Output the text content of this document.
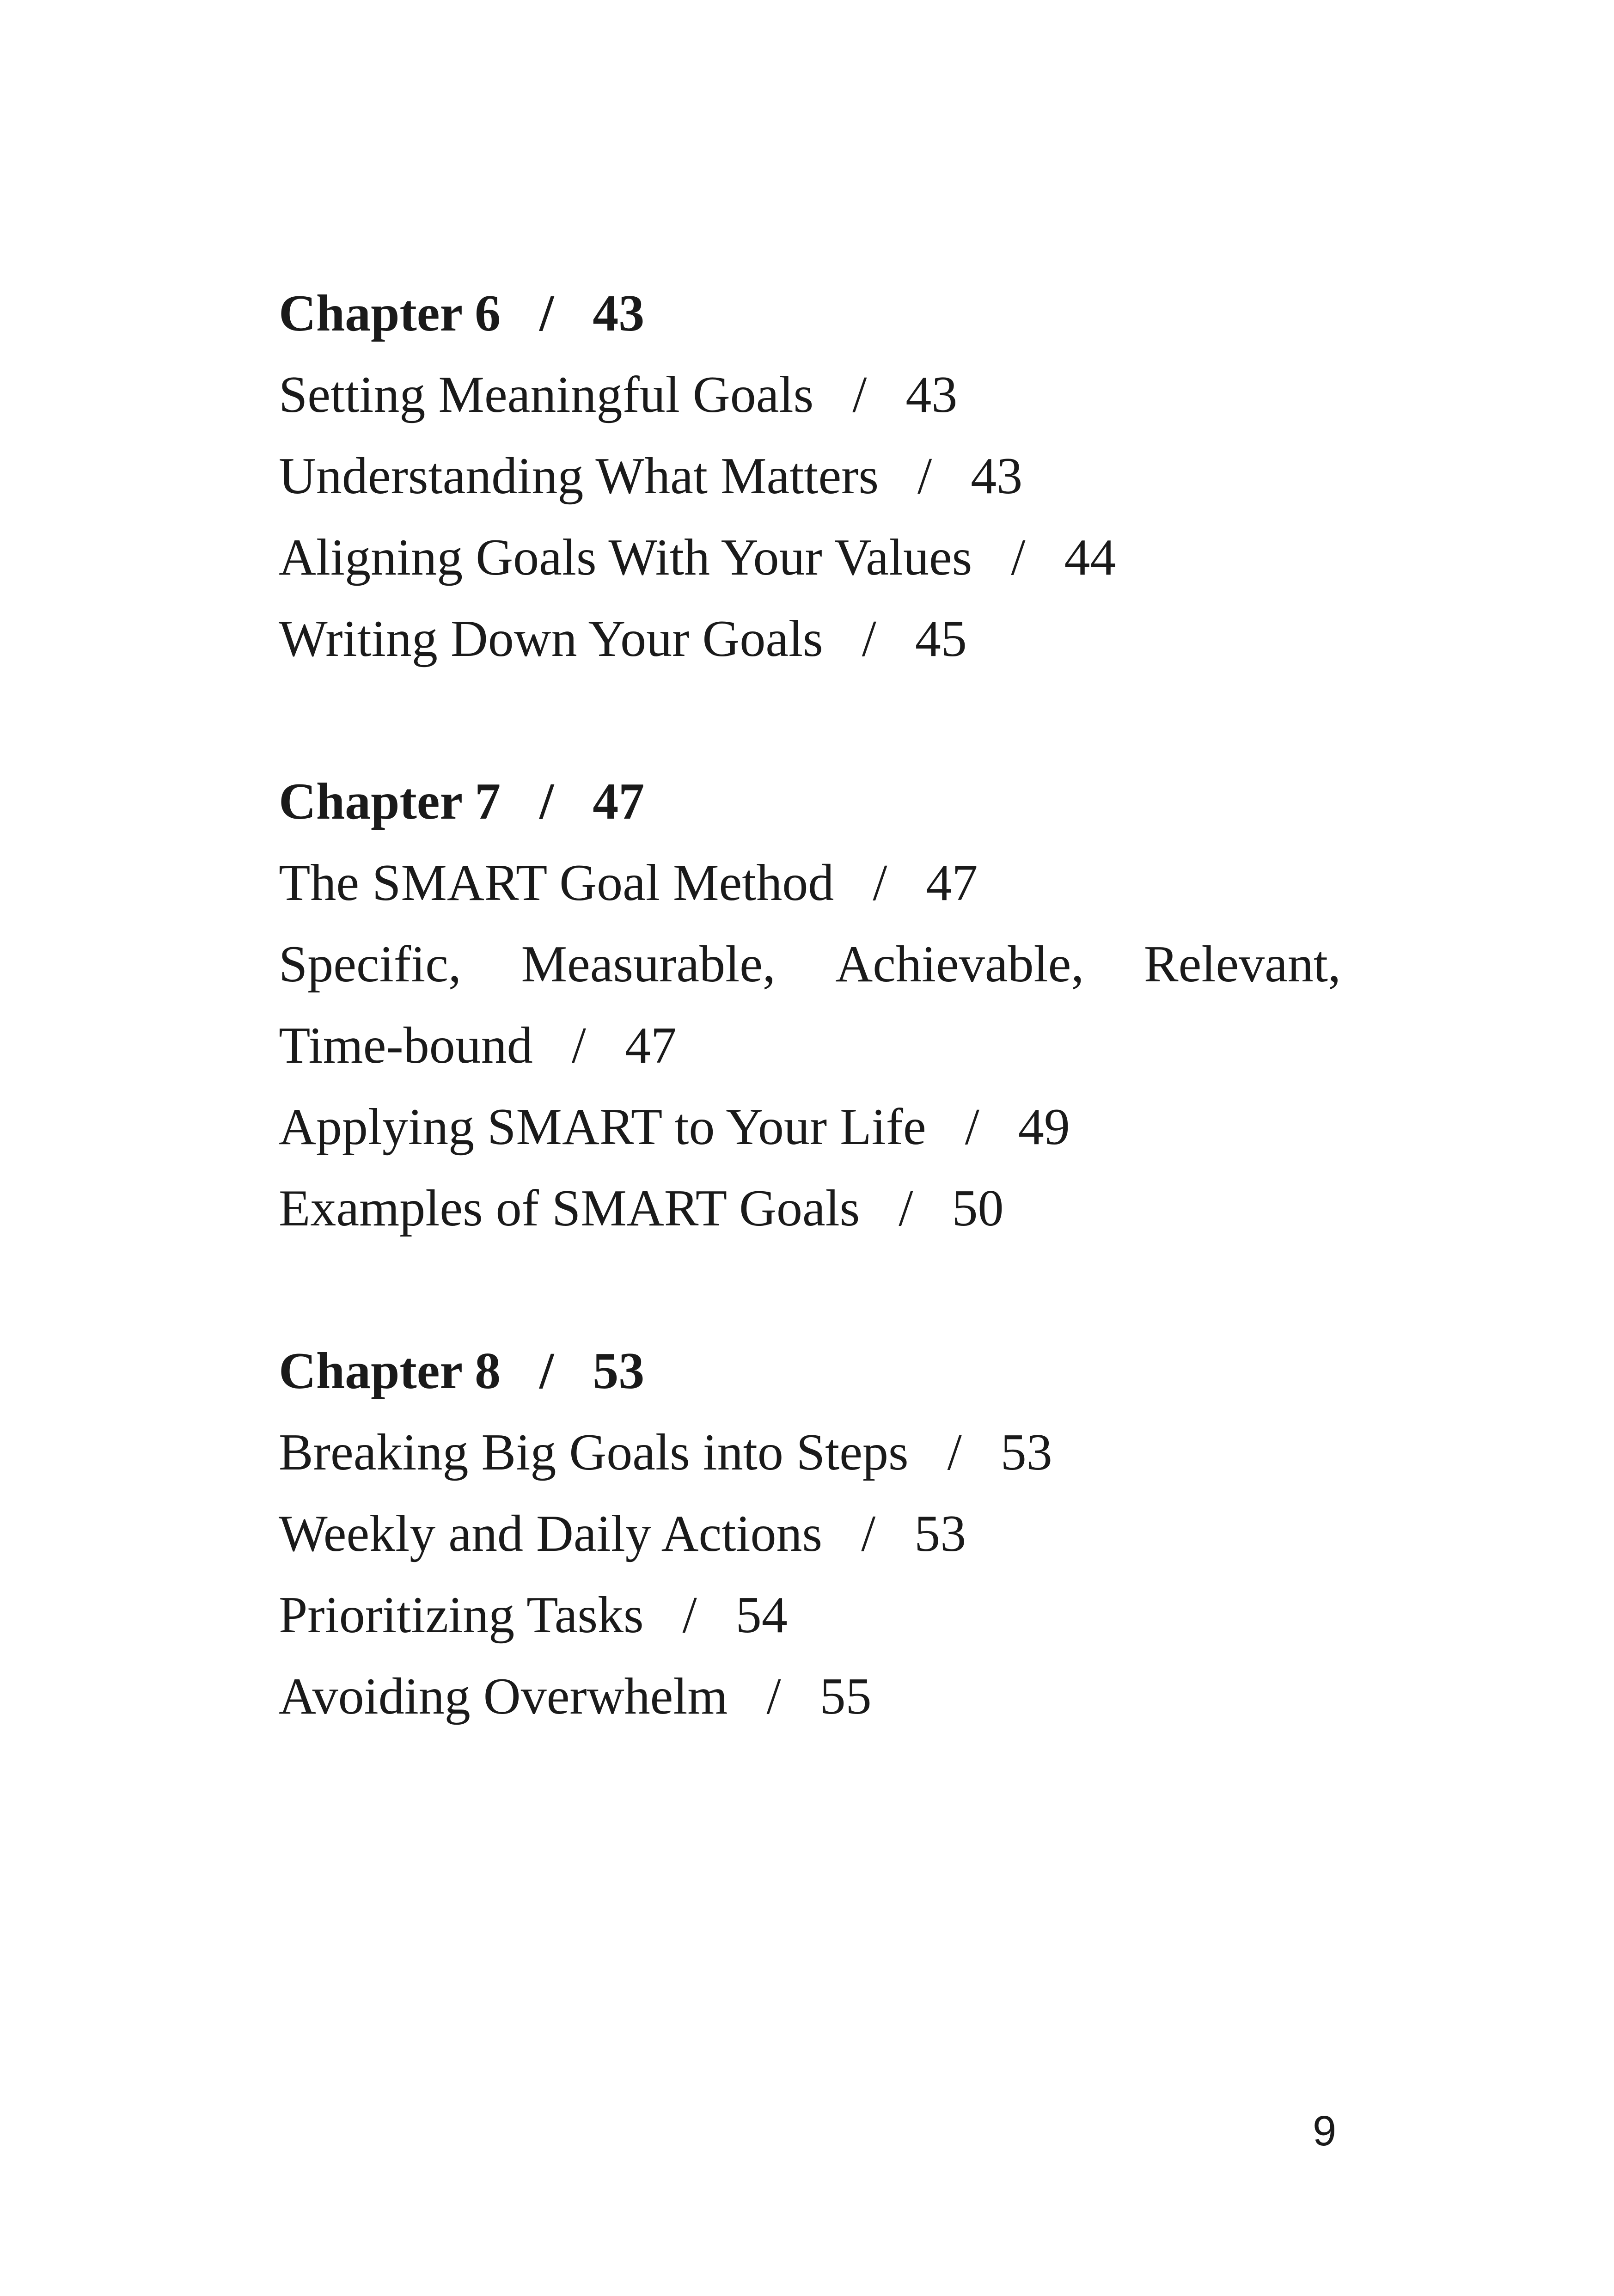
Chapter 6 / 43
Setting Meaningful Goals / 43
Understanding What Matters / 43
Aligning Goals With Your Values / 44
Writing Down Your Goals / 45
Chapter 7 / 47
The SMART Goal Method / 47
Specific, Measurable, Achievable, Relevant,
Time-bound / 47
Applying SMART to Your Life / 49
Examples of SMART Goals / 50
Chapter 8 / 53
Breaking Big Goals into Steps / 53
Weekly and Daily Actions / 53
Prioritizing Tasks / 54
Avoiding Overwhelm / 55
9
